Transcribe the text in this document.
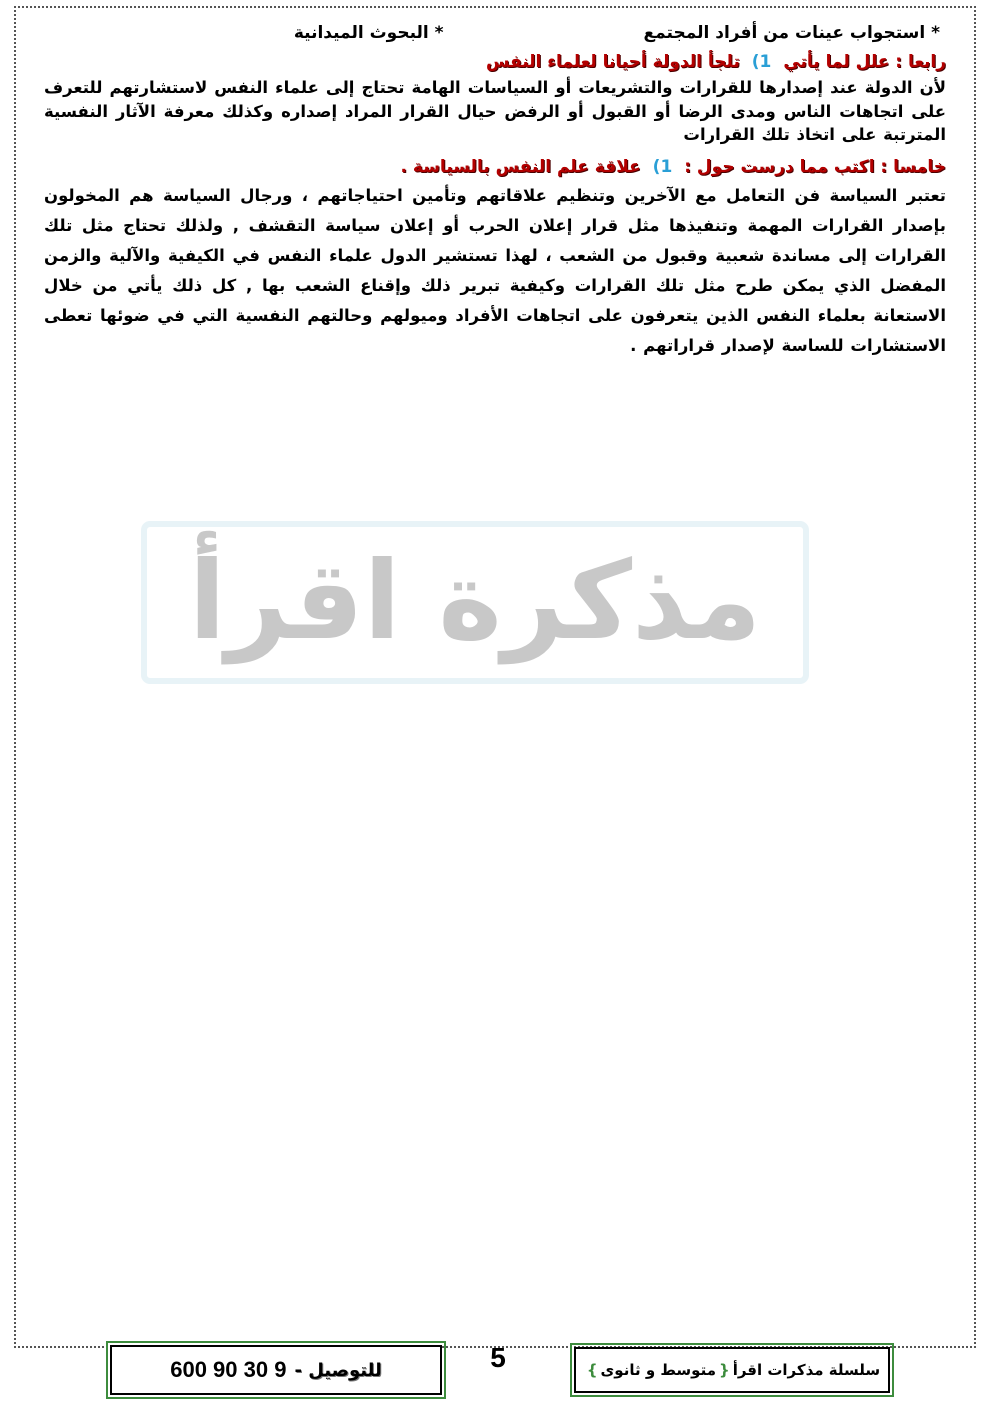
* استجواب عينات من أفراد المجتمع
* البحوث الميدانية
رابعا : علل لما يأتي 1) تلجأ الدولة أحيانا لعلماء النفس
لأن الدولة عند إصدارها للقرارات والتشريعات أو السياسات الهامة تحتاج إلى علماء النفس لاستشارتهم للتعرف على اتجاهات الناس ومدى الرضا أو القبول أو الرفض حيال القرار المراد إصداره وكذلك معرفة الآثار النفسية المترتبة على اتخاذ تلك القرارات
خامسا : اكتب مما درست حول : 1) علاقة علم النفس بالسياسة .
تعتبر السياسة فن التعامل مع الآخرين وتنظيم علاقاتهم وتأمين احتياجاتهم ، ورجال السياسة هم المخولون بإصدار القرارات المهمة وتنفيذها مثل قرار إعلان الحرب أو إعلان سياسة التقشف , ولذلك تحتاج مثل تلك القرارات إلى مساندة شعبية وقبول من الشعب ، لهذا تستشير الدول علماء النفس في الكيفية والآلية والزمن المفضل الذي يمكن طرح مثل تلك القرارات وكيفية تبرير ذلك وإقناع الشعب بها , كل ذلك يأتي من خلال الاستعانة بعلماء النفس الذين يتعرفون على اتجاهات الأفراد وميولهم وحالتهم النفسية التي في ضوئها تعطى الاستشارات للساسة لإصدار قراراتهم .
مذكرة اقرأ
للتوصيل -
600 90 30 9	5	سلسلة مذكرات اقرأ
{
متوسط و ثانوى
}
